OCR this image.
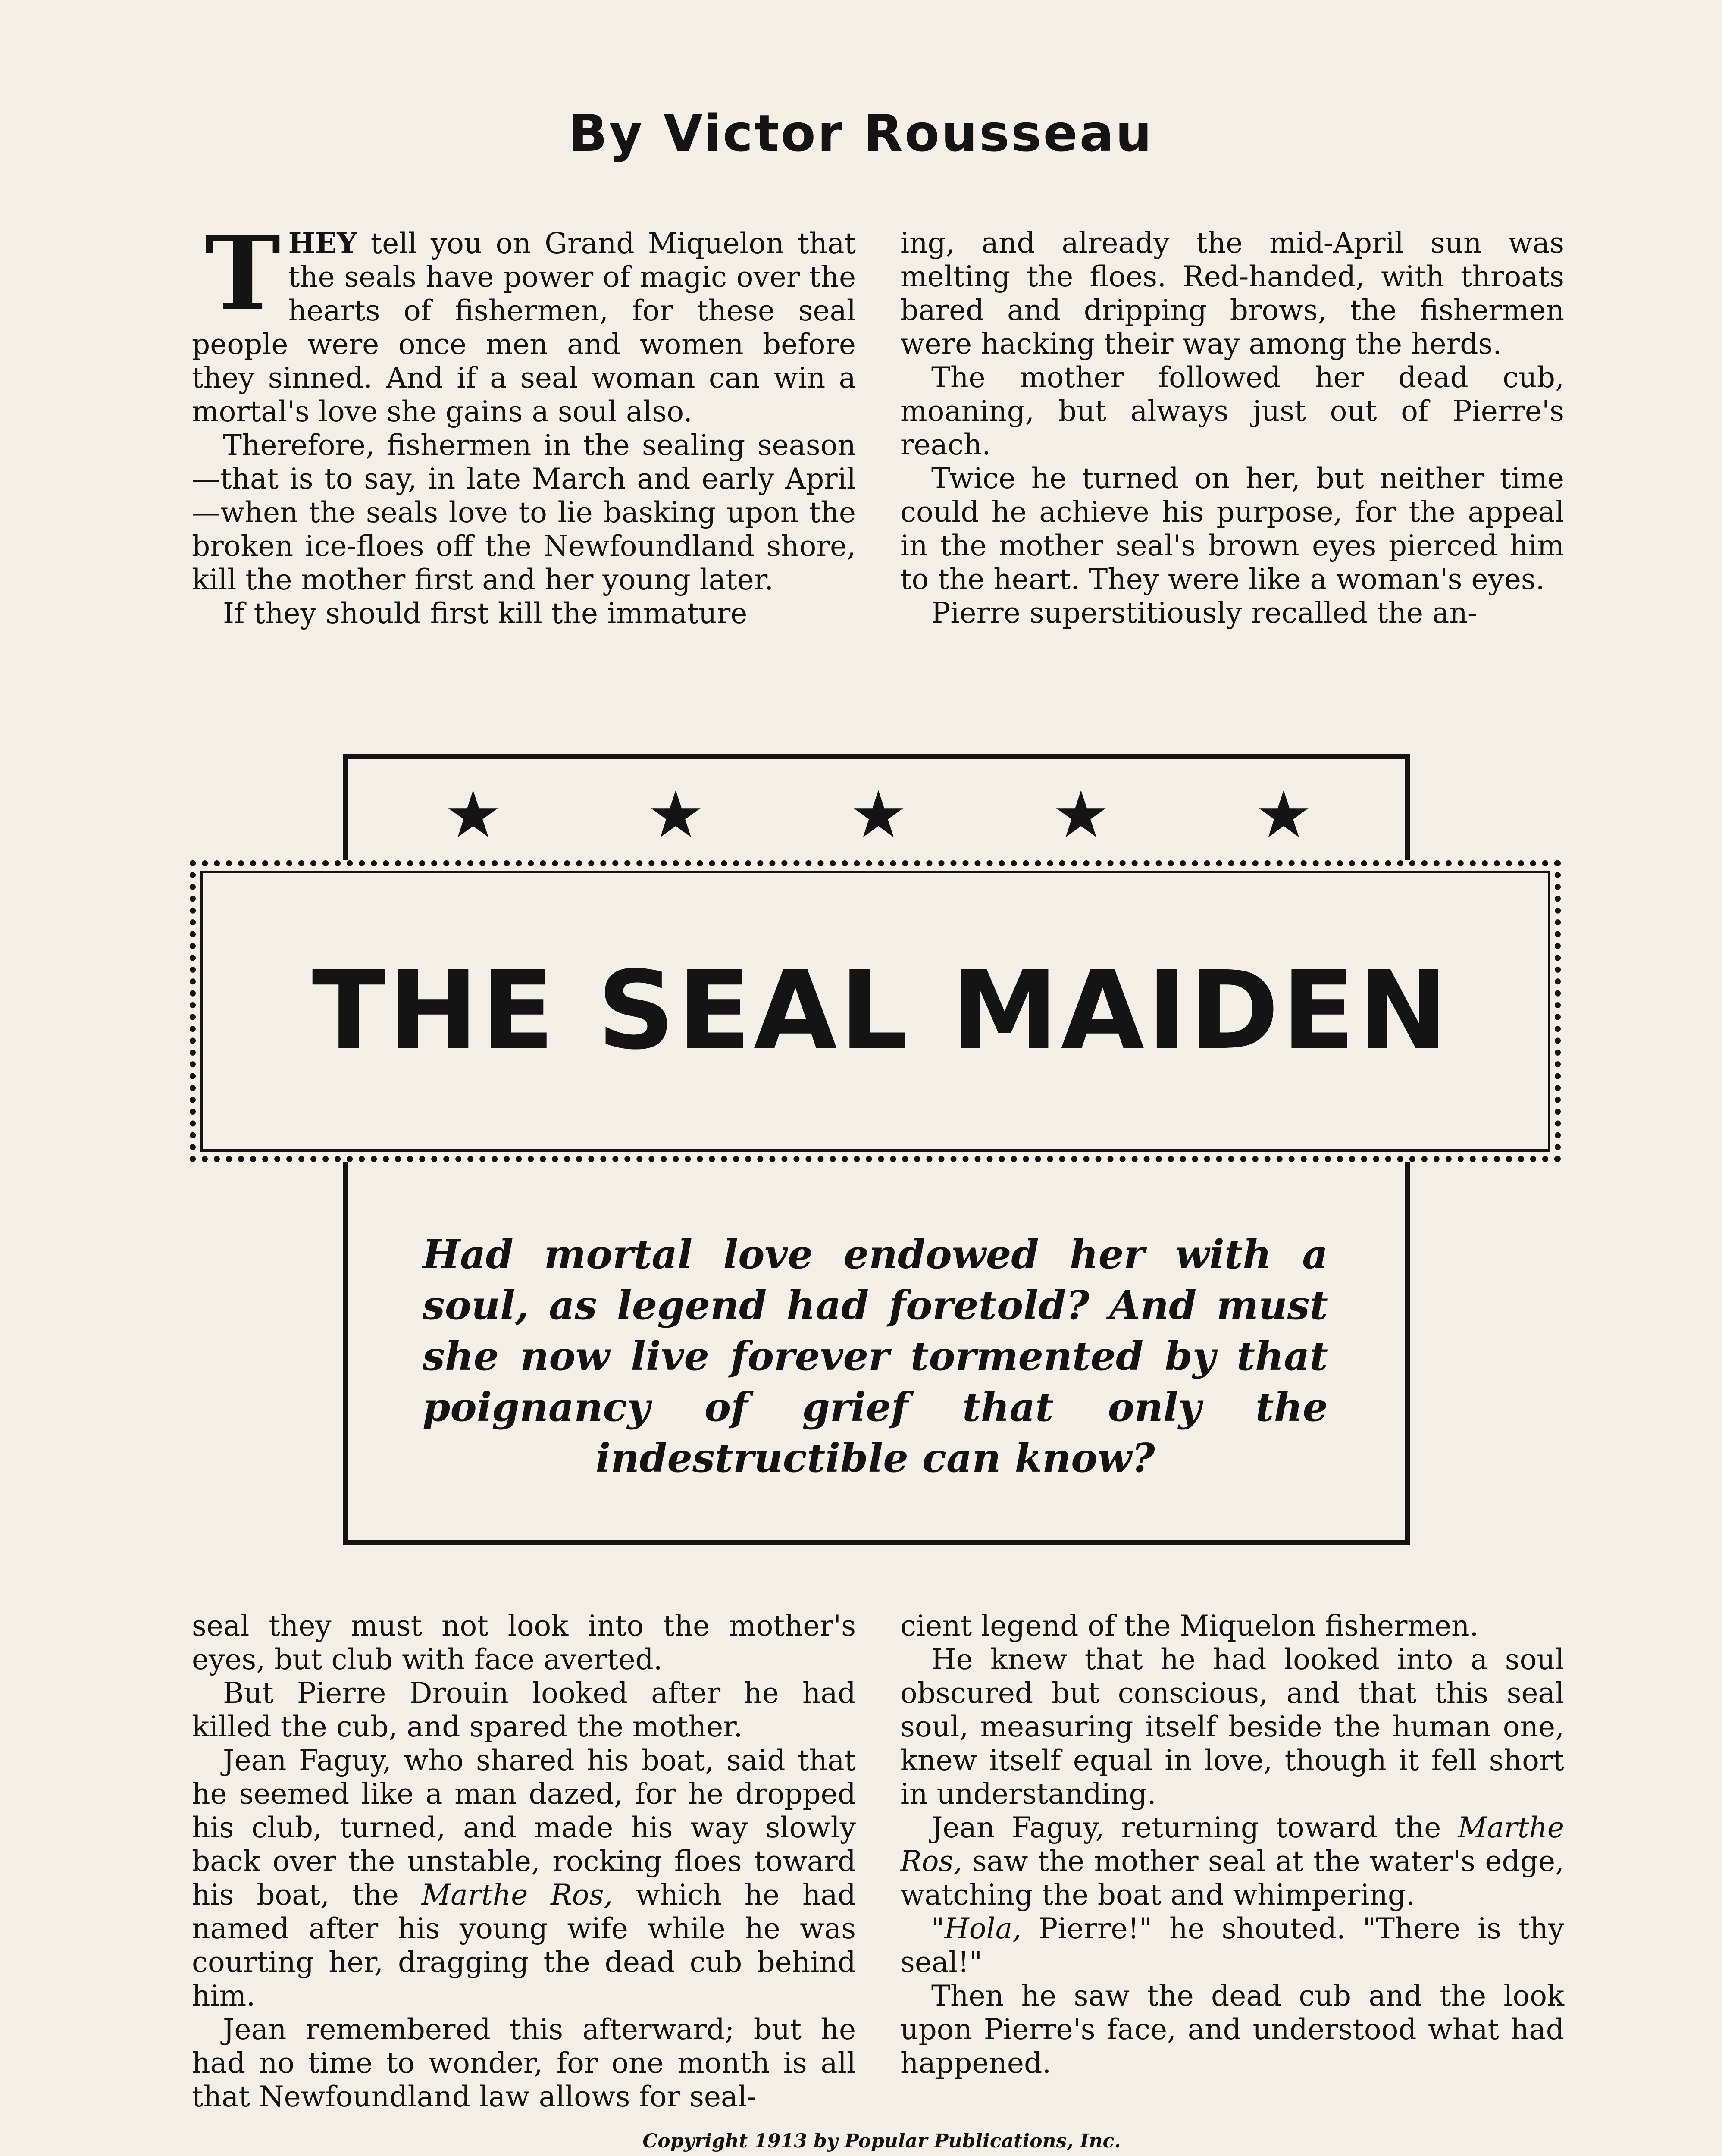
By Victor Rousseau

THEY tell you on Grand Miquelon that the seals have power of magic over the hearts of fishermen, for these seal people were once men and women before they sinned. And if a seal woman can win a mortal's love she gains a soul also.

Therefore, fishermen in the sealing season—that is to say, in late March and early April—when the seals love to lie basking upon the broken ice-floes off the Newfoundland shore, kill the mother first and her young later.

If they should first kill the immature

ing, and already the mid-April sun was melting the floes. Red-handed, with throats bared and dripping brows, the fishermen were hacking their way among the herds.

The mother followed her dead cub, moaning, but always just out of Pierre's reach.

Twice he turned on her, but neither time could he achieve his purpose, for the appeal in the mother seal's brown eyes pierced him to the heart. They were like a woman's eyes.

Pierre superstitiously recalled the an-

★ ★ ★ ★ ★
THE SEAL MAIDEN
Had mortal love endowed her with a soul, as legend had foretold? And must she now live forever tormented by that poignancy of grief that only the indestructible can know?

seal they must not look into the mother's eyes, but club with face averted.

But Pierre Drouin looked after he had killed the cub, and spared the mother.

Jean Faguy, who shared his boat, said that he seemed like a man dazed, for he dropped his club, turned, and made his way slowly back over the unstable, rocking floes toward his boat, the Marthe Ros, which he had named after his young wife while he was courting her, dragging the dead cub behind him.

Jean remembered this afterward; but he had no time to wonder, for one month is all that Newfoundland law allows for seal-

cient legend of the Miquelon fishermen.

He knew that he had looked into a soul obscured but conscious, and that this seal soul, measuring itself beside the human one, knew itself equal in love, though it fell short in understanding.

Jean Faguy, returning toward the Marthe Ros, saw the mother seal at the water's edge, watching the boat and whimpering.

"Hola, Pierre!" he shouted. "There is thy seal!"

Then he saw the dead cub and the look upon Pierre's face, and understood what had happened.

Copyright 1913 by Popular Publications, Inc.
